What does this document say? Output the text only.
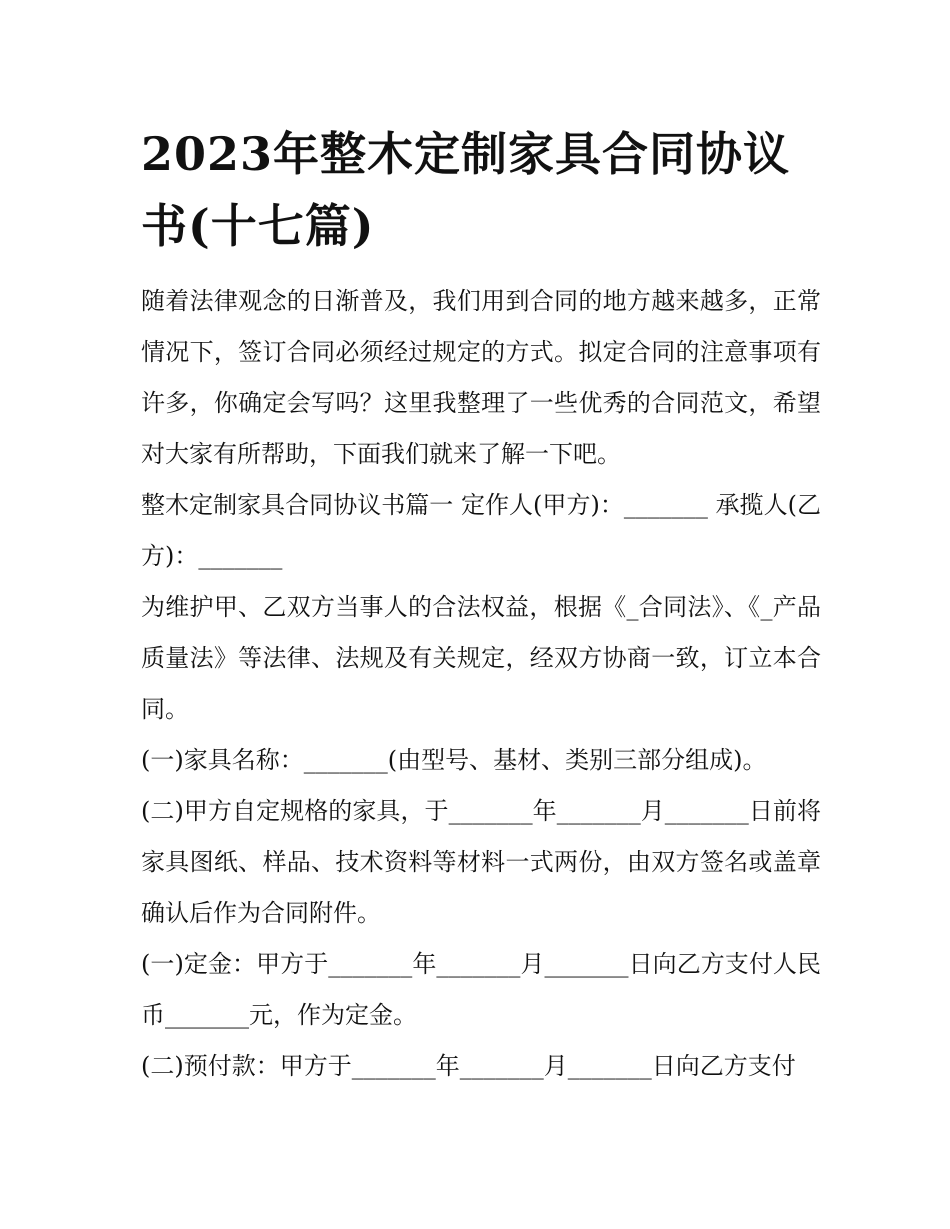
2023年整木定制家具合同协议书(十七篇)

随着法律观念的日渐普及，我们用到合同的地方越来越多，正常情况下，签订合同必须经过规定的方式。拟定合同的注意事项有许多，你确定会写吗？这里我整理了一些优秀的合同范文，希望对大家有所帮助，下面我们就来了解一下吧。

整木定制家具合同协议书篇一 定作人(甲方)：_______ 承揽人(乙方)：_______

为维护甲、乙双方当事人的合法权益，根据《_合同法》、《_产品质量法》等法律、法规及有关规定，经双方协商一致，订立本合同。

(一)家具名称：_______(由型号、基材、类别三部分组成)。

(二)甲方自定规格的家具，于_______年_______月_______日前将家具图纸、样品、技术资料等材料一式两份，由双方签名或盖章确认后作为合同附件。

(一)定金：甲方于_______年_______月_______日向乙方支付人民币_______元，作为定金。

(二)预付款：甲方于_______年_______月_______日向乙方支付
